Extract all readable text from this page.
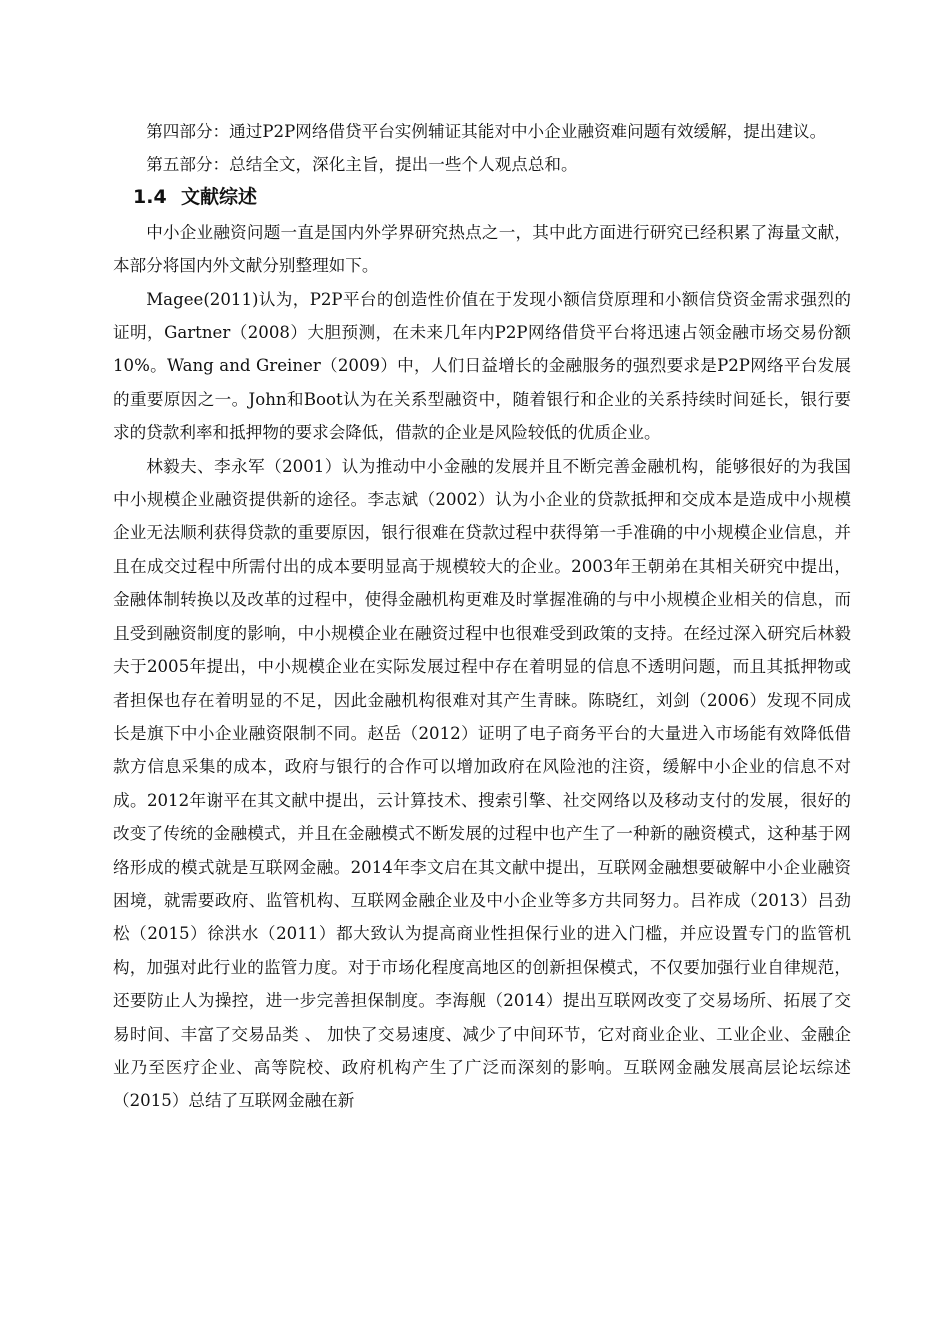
第四部分：通过P2P网络借贷平台实例辅证其能对中小企业融资难问题有效缓解，提出建议。

第五部分：总结全文，深化主旨，提出一些个人观点总和。

1.4 文献综述

中小企业融资问题一直是国内外学界研究热点之一，其中此方面进行研究已经积累了海量文献，本部分将国内外文献分别整理如下。

Magee(2011)认为，P2P平台的创造性价值在于发现小额信贷原理和小额信贷资金需求强烈的证明，Gartner（2008）大胆预测，在未来几年内P2P网络借贷平台将迅速占领金融市场交易份额10%。Wang and Greiner（2009）中，人们日益增长的金融服务的强烈要求是P2P网络平台发展的重要原因之一。John和Boot认为在关系型融资中，随着银行和企业的关系持续时间延长，银行要求的贷款利率和抵押物的要求会降低，借款的企业是风险较低的优质企业。

林毅夫、李永军（2001）认为推动中小金融的发展并且不断完善金融机构，能够很好的为我国中小规模企业融资提供新的途径。李志斌（2002）认为小企业的贷款抵押和交成本是造成中小规模企业无法顺利获得贷款的重要原因，银行很难在贷款过程中获得第一手准确的中小规模企业信息，并且在成交过程中所需付出的成本要明显高于规模较大的企业。2003年王朝弟在其相关研究中提出，金融体制转换以及改革的过程中，使得金融机构更难及时掌握准确的与中小规模企业相关的信息，而且受到融资制度的影响，中小规模企业在融资过程中也很难受到政策的支持。在经过深入研究后林毅夫于2005年提出，中小规模企业在实际发展过程中存在着明显的信息不透明问题，而且其抵押物或者担保也存在着明显的不足，因此金融机构很难对其产生青睐。陈晓红，刘剑（2006）发现不同成长是旗下中小企业融资限制不同。赵岳（2012）证明了电子商务平台的大量进入市场能有效降低借款方信息采集的成本，政府与银行的合作可以增加政府在风险池的注资，缓解中小企业的信息不对成。2012年谢平在其文献中提出，云计算技术、搜索引擎、社交网络以及移动支付的发展，很好的改变了传统的金融模式，并且在金融模式不断发展的过程中也产生了一种新的融资模式，这种基于网络形成的模式就是互联网金融。2014年李文启在其文献中提出，互联网金融想要破解中小企业融资困境，就需要政府、监管机构、互联网金融企业及中小企业等多方共同努力。吕祚成（2013）吕劲松（2015）徐洪水（2011）都大致认为提高商业性担保行业的进入门槛，并应设置专门的监管机构，加强对此行业的监管力度。对于市场化程度高地区的创新担保模式，不仅要加强行业自律规范，还要防止人为操控，进一步完善担保制度。李海舰（2014）提出互联网改变了交易场所、拓展了交易时间、丰富了交易品类 、 加快了交易速度、减少了中间环节，它对商业企业、工业企业、金融企业乃至医疗企业、高等院校、政府机构产生了广泛而深刻的影响。互联网金融发展高层论坛综述（2015）总结了互联网金融在新
